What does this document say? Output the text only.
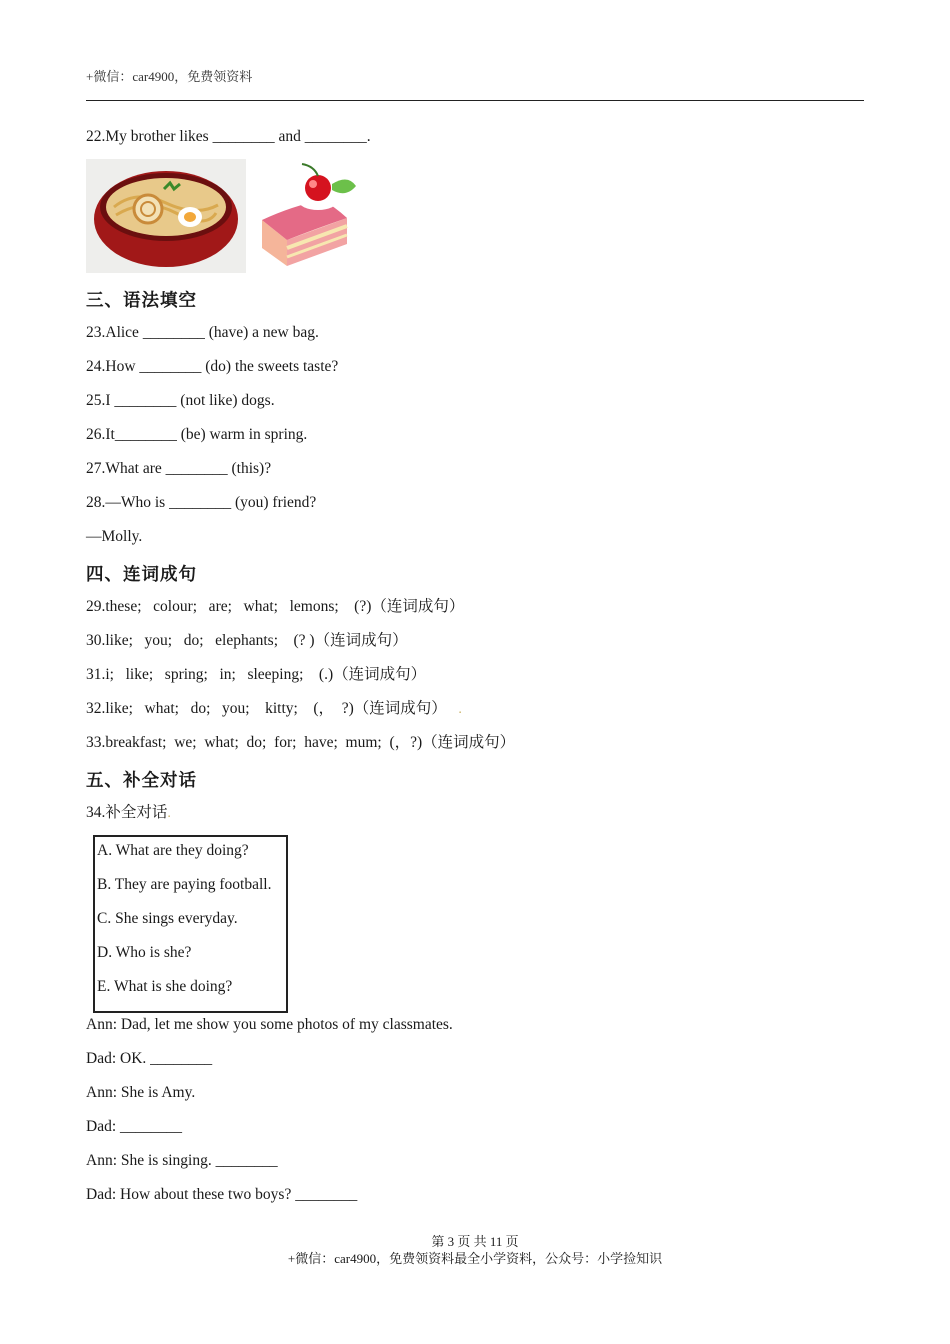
+微信：car4900，免费领资料
22.My brother likes ________ and ________.
三、语法填空
23.Alice ________ (have) a new bag.
24.How ________ (do) the sweets taste?
25.I ________ (not like) dogs.
26.It________ (be) warm in spring.
27.What are ________ (this)?
28.—Who is ________ (you) friend?
—Molly.
四、连词成句
29.these;   colour;   are;   what;   lemons;    (?)（连词成句）
30.like;   you;   do;   elephants;    (? )（连词成句）
31.i;   like;   spring;   in;   sleeping;    (.)（连词成句）
32.like;   what;   do;   you;    kitty;    (，  ?)（连词成句） .
33.breakfast;  we;  what;  do;  for;  have;  mum;  (，?)（连词成句）
五、补全对话
34.补全对话.
A. What are they doing?
B. They are paying football.
C. She sings everyday.
D. Who is she?
E. What is she doing?
Ann: Dad, let me show you some photos of my classmates.
Dad: OK. ________
Ann: She is Amy.
Dad: ________
Ann: She is singing. ________
Dad: How about these two boys? ________
第 3 页 共 11 页
+微信：car4900，免费领资料最全小学资料，公众号：小学捡知识
